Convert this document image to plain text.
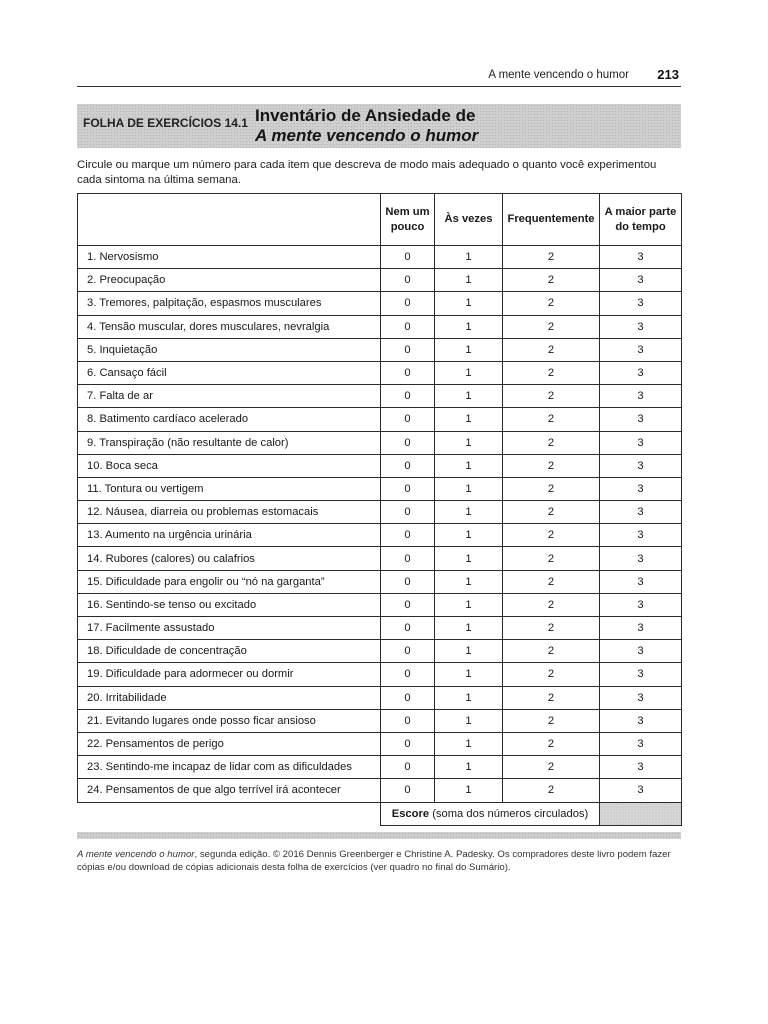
A mente vencendo o humor 213
FOLHA DE EXERCÍCIOS 14.1 Inventário de Ansiedade de
A mente vencendo o humor
Circule ou marque um número para cada item que descreva de modo mais adequado o quanto você experimentou cada sintoma na última semana.
	Nem um pouco	Às vezes	Frequentemente	A maior parte do tempo
1. Nervosismo	0	1	2	3
2. Preocupação	0	1	2	3
3. Tremores, palpitação, espasmos musculares	0	1	2	3
4. Tensão muscular, dores musculares, nevralgia	0	1	2	3
5. Inquietação	0	1	2	3
6. Cansaço fácil	0	1	2	3
7. Falta de ar	0	1	2	3
8. Batimento cardíaco acelerado	0	1	2	3
9. Transpiração (não resultante de calor)	0	1	2	3
10. Boca seca	0	1	2	3
11. Tontura ou vertigem	0	1	2	3
12. Náusea, diarreia ou problemas estomacais	0	1	2	3
13. Aumento na urgência urinária	0	1	2	3
14. Rubores (calores) ou calafrios	0	1	2	3
15. Dificuldade para engolir ou “nó na garganta”	0	1	2	3
16. Sentindo-se tenso ou excitado	0	1	2	3
17. Facilmente assustado	0	1	2	3
18. Dificuldade de concentração	0	1	2	3
19. Dificuldade para adormecer ou dormir	0	1	2	3
20. Irritabilidade	0	1	2	3
21. Evitando lugares onde posso ficar ansioso	0	1	2	3
22. Pensamentos de perigo	0	1	2	3
23. Sentindo-me incapaz de lidar com as dificuldades	0	1	2	3
24. Pensamentos de que algo terrível irá acontecer	0	1	2	3
	Escore (soma dos números circulados)			
A mente vencendo o humor, segunda edição. © 2016 Dennis Greenberger e Christine A. Padesky. Os compradores deste livro podem fazer cópias e/ou download de cópias adicionais desta folha de exercícios (ver quadro no final do Sumário).
